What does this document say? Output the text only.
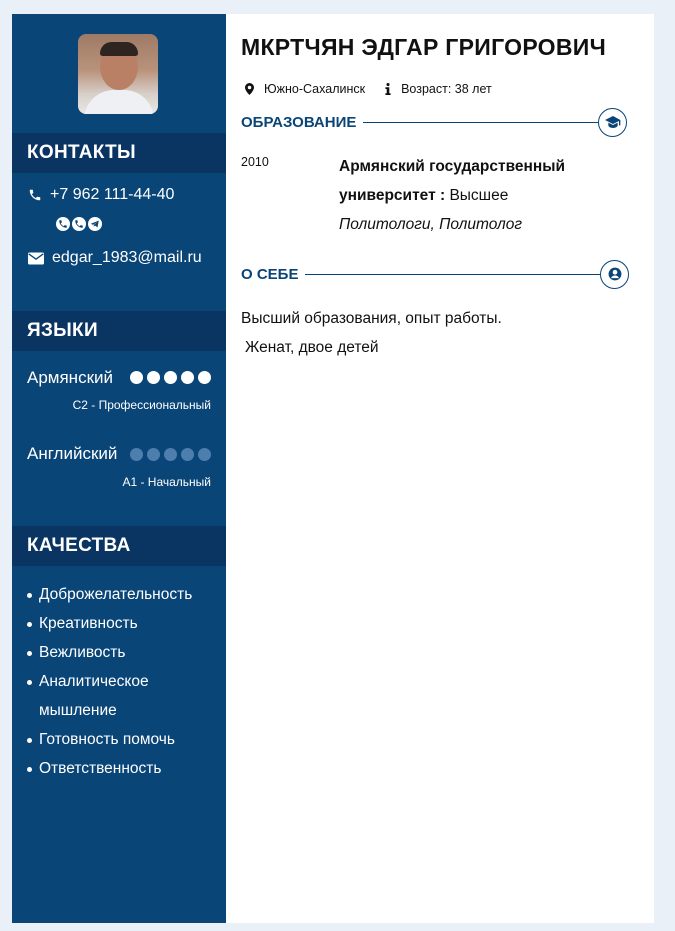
КОНТАКТЫ
+7 962 111-44-40
edgar_1983@mail.ru
ЯЗЫКИ
Армянский
C2 - Профессиональный
Английский
A1 - Начальный
КАЧЕСТВА
Доброжелательность
Креативность
Вежливость
Аналитическое мышление
Готовность помочь
Ответственность
МКРТЧЯН ЭДГАР ГРИГОРОВИЧ
Южно-Сахалинск	Возраст: 38 лет
ОБРАЗОВАНИЕ
2010	Армянский государственный университет : Высшее
Политологи, Политолог
О СЕБЕ
Высший образования, опыт работы.
Женат, двое детей
